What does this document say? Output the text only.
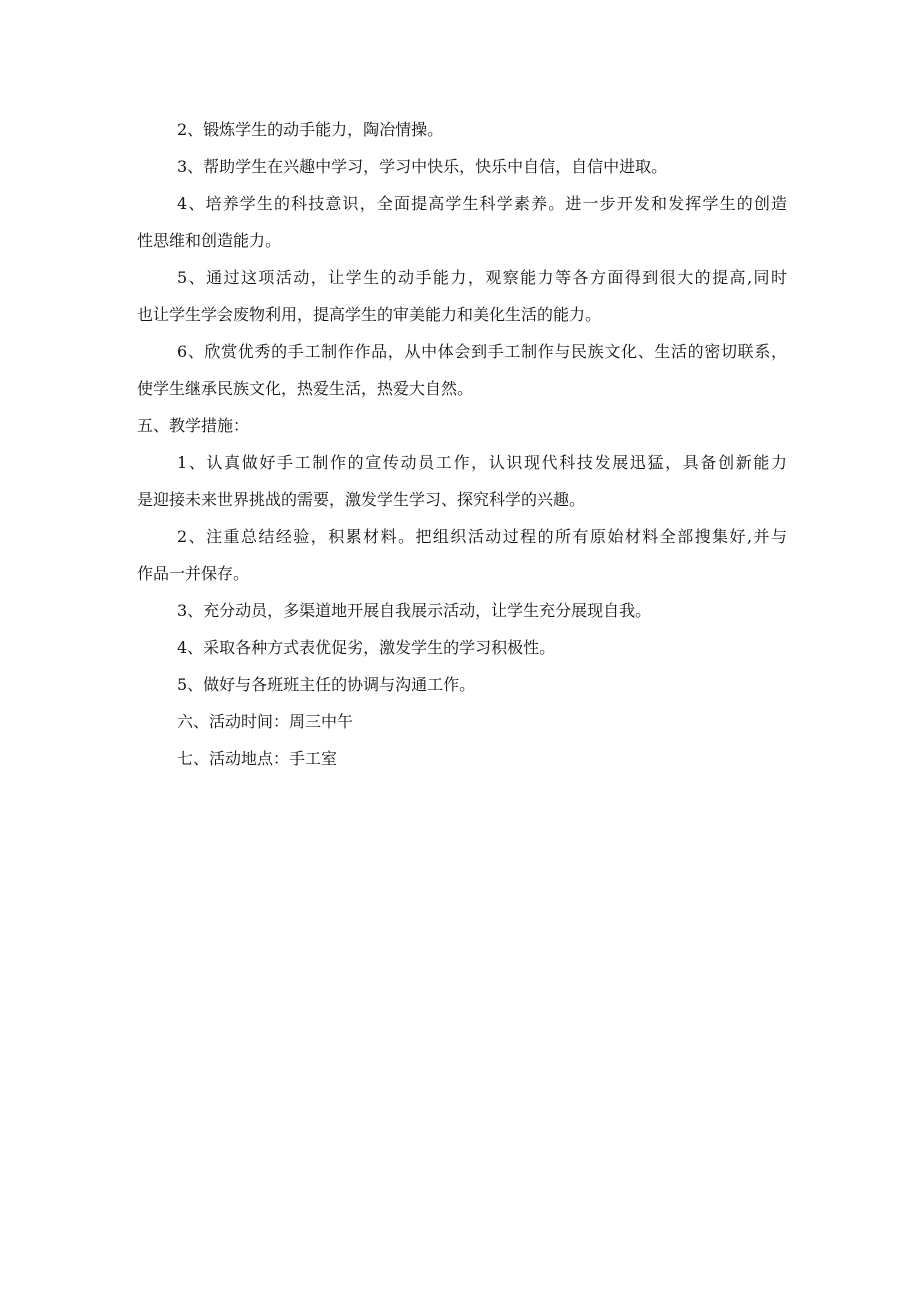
2、锻炼学生的动手能力，陶冶情操。

3、帮助学生在兴趣中学习，学习中快乐，快乐中自信，自信中进取。

4、培养学生的科技意识，全面提高学生科学素养。进一步开发和发挥学生的创造
性思维和创造能力。

5、通过这项活动，让学生的动手能力，观察能力等各方面得到很大的提高,同时
也让学生学会废物利用，提高学生的审美能力和美化生活的能力。

6、欣赏优秀的手工制作作品，从中体会到手工制作与民族文化、生活的密切联系，
使学生继承民族文化，热爱生活，热爱大自然。

五、教学措施：

1、认真做好手工制作的宣传动员工作，认识现代科技发展迅猛，具备创新能力
是迎接未来世界挑战的需要，激发学生学习、探究科学的兴趣。

2、注重总结经验，积累材料。把组织活动过程的所有原始材料全部搜集好,并与
作品一并保存。

3、充分动员，多渠道地开展自我展示活动，让学生充分展现自我。

4、采取各种方式表优促劣，激发学生的学习积极性。

5、做好与各班班主任的协调与沟通工作。

六、活动时间：周三中午

七、活动地点：手工室
